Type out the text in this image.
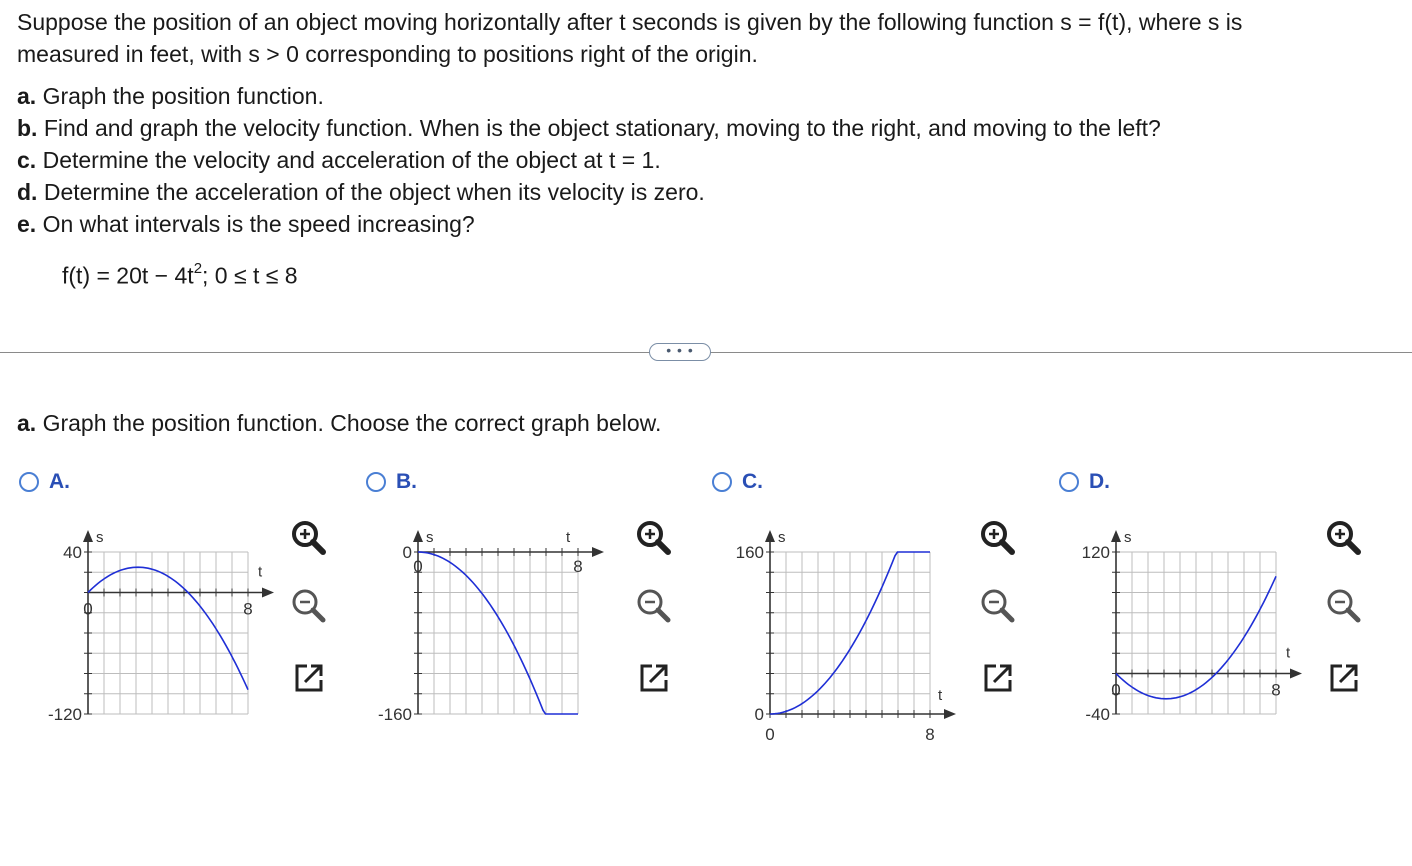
Suppose the position of an object moving horizontally after t seconds is given by the following function s = f(t), where s is
measured in feet, with s > 0 corresponding to positions right of the origin.

a. Graph the position function.

b. Find and graph the velocity function. When is the object stationary, moving to the right, and moving to the left?

c. Determine the velocity and acceleration of the object at t = 1.

d. Determine the acceleration of the object when its velocity is zero.

e. On what intervals is the speed increasing?

$f(t) = 20t - 4t^2$; 0 ≤ t ≤ 8
• • •
a. Graph the position function. Choose the correct graph below.
A.
s
t
40
-120
0	8
B.
s	t
0
-160
0	8
C.
s
t
160
0
0	8
D.
s
t
120
-40
0	8
